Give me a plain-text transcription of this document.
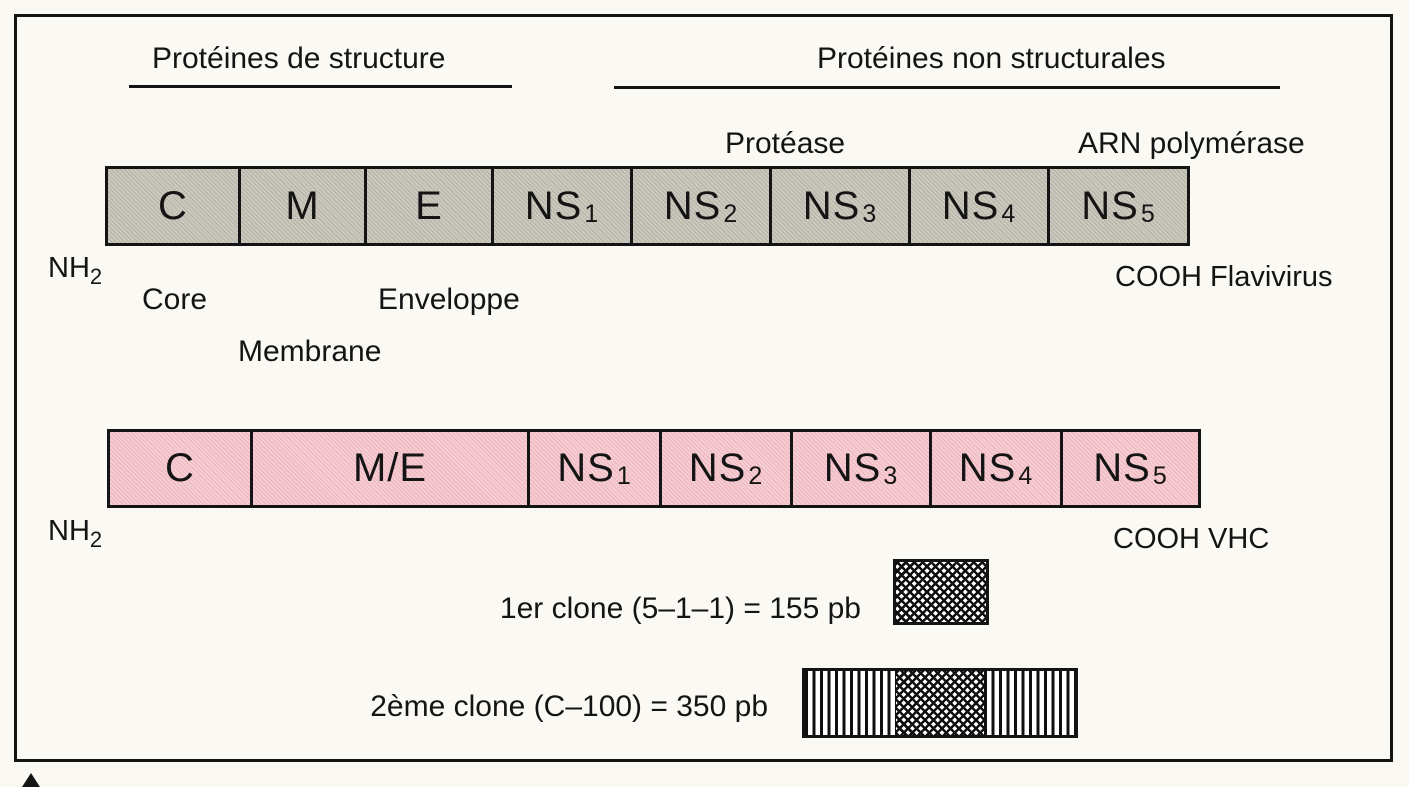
Protéines de structure	Protéines non structurales
Protéase	ARN polymérase
C M E NS 1 NS 2 NS 3 NS 4 NS 5
$NH_2$	COOH Flavivirus
Core	Enveloppe
Membrane
C	M/E	NS 1 NS 2 NS 3 NS 4 NS 5
$NH_2$	COOH VHC
1er clone (5–1–1) = 155 pb
2ème clone (C–100) = 350 pb
